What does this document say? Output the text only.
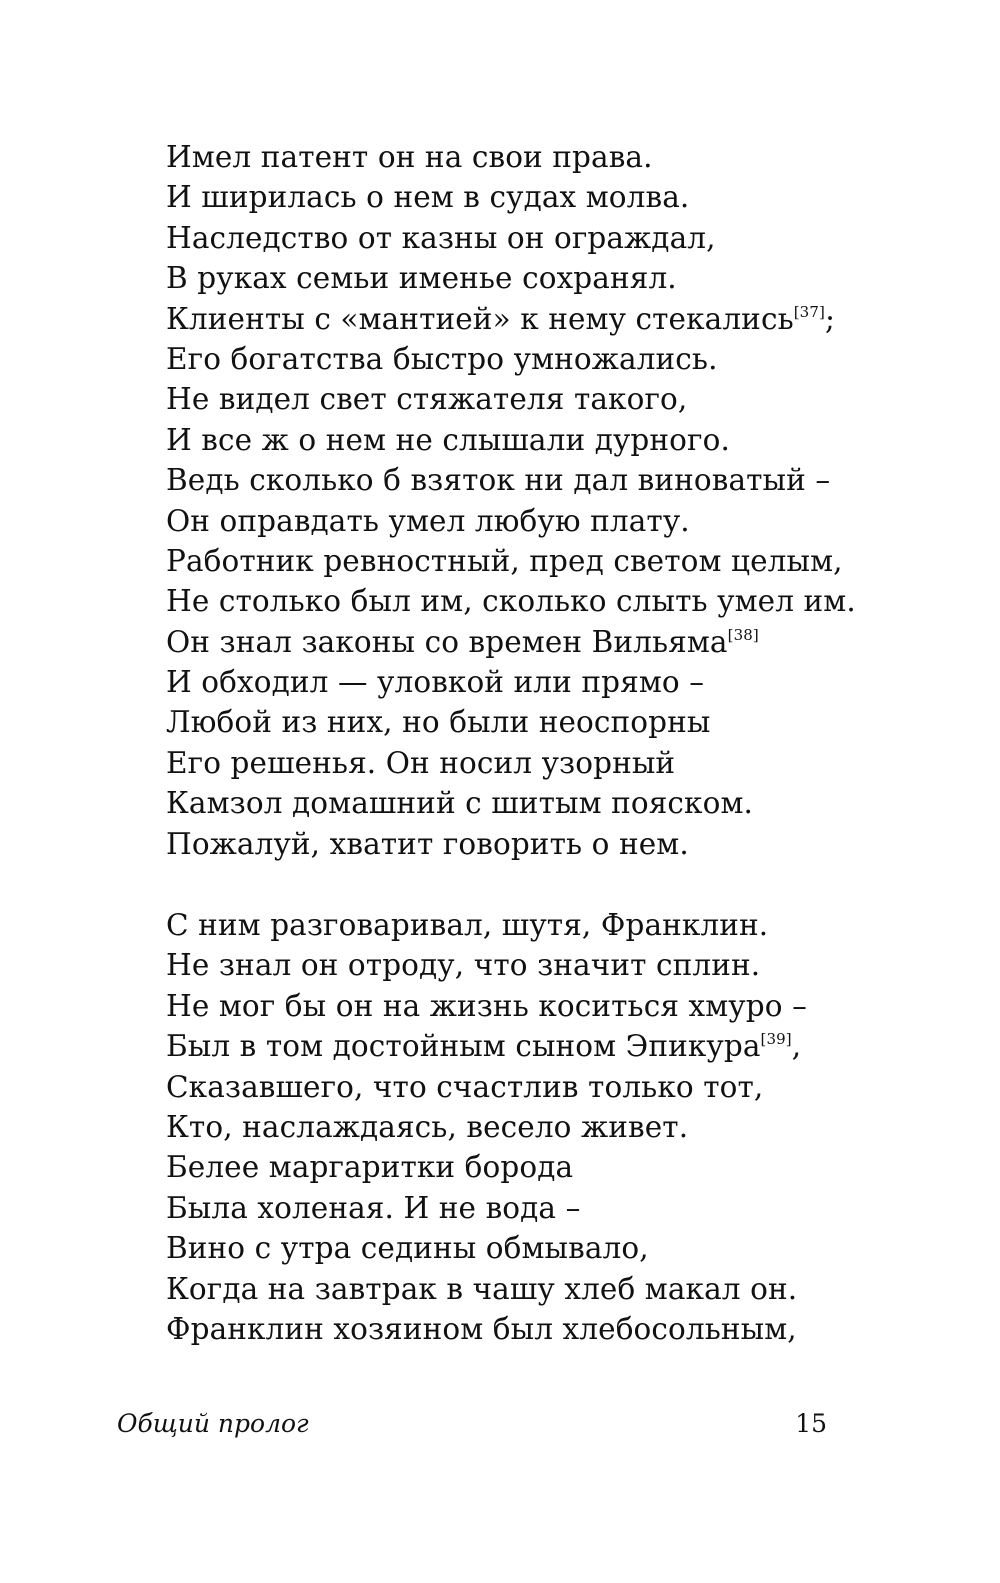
Имел патент он на свои права.
И ширилась о нем в судах молва.
Наследство от казны он ограждал,
В руках семьи именье сохранял.
Клиенты с «мантией» к нему стекались[37];
Его богатства быстро умножались.
Не видел свет стяжателя такого,
И все ж о нем не слышали дурного.
Ведь сколько б взяток ни дал виноватый –
Он оправдать умел любую плату.
Работник ревностный, пред светом целым,
Не столько был им, сколько слыть умел им.
Он знал законы со времен Вильяма[38]
И обходил — уловкой или прямо –
Любой из них, но были неоспорны
Его решенья. Он носил узорный
Камзол домашний с шитым пояском.
Пожалуй, хватит говорить о нем.
С ним разговаривал, шутя, Франклин.
Не знал он отроду, что значит сплин.
Не мог бы он на жизнь коситься хмуро –
Был в том достойным сыном Эпикура[39],
Сказавшего, что счастлив только тот,
Кто, наслаждаясь, весело живет.
Белее маргаритки борода
Была холеная. И не вода –
Вино с утра седины обмывало,
Когда на завтрак в чашу хлеб макал он.
Франклин хозяином был хлебосольным,
Общий пролог	15
